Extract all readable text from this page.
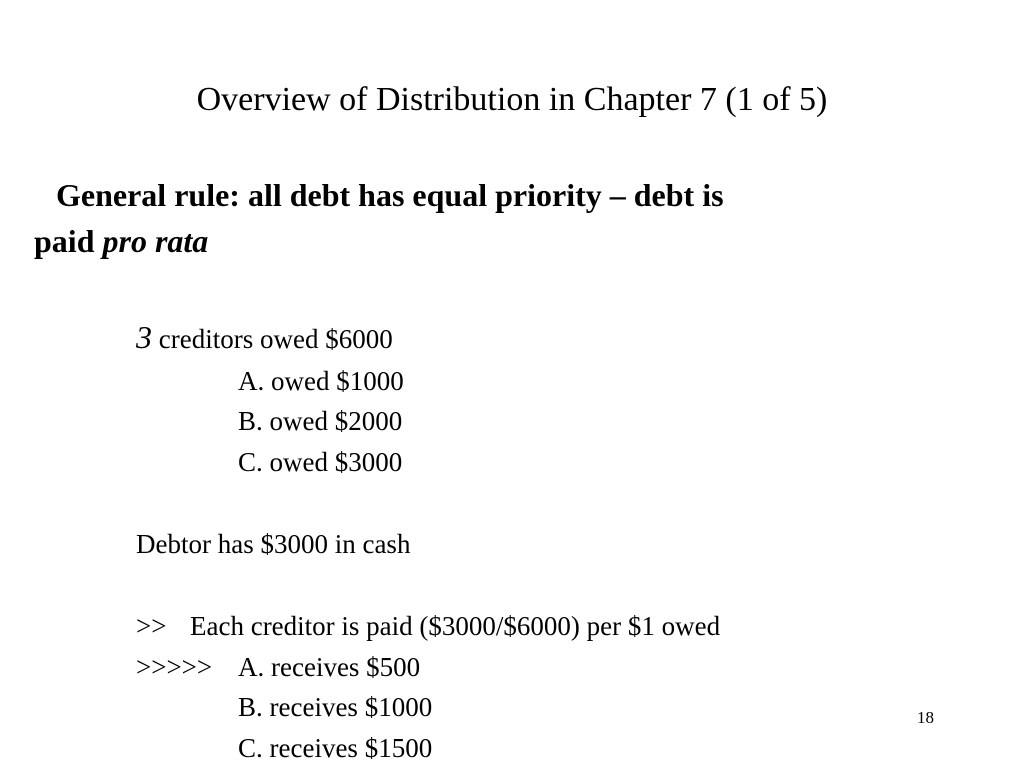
Overview of Distribution in Chapter 7 (1 of 5)
General rule: all debt has equal priority – debt is
paid pro rata
3 creditors owed $6000
A. owed $1000
B. owed $2000
C. owed $3000
Debtor has $3000 in cash
>> Each creditor is paid ($3000/$6000) per $1 owed
>>>>> A. receives $500
B. receives $1000
C. receives $1500
18
